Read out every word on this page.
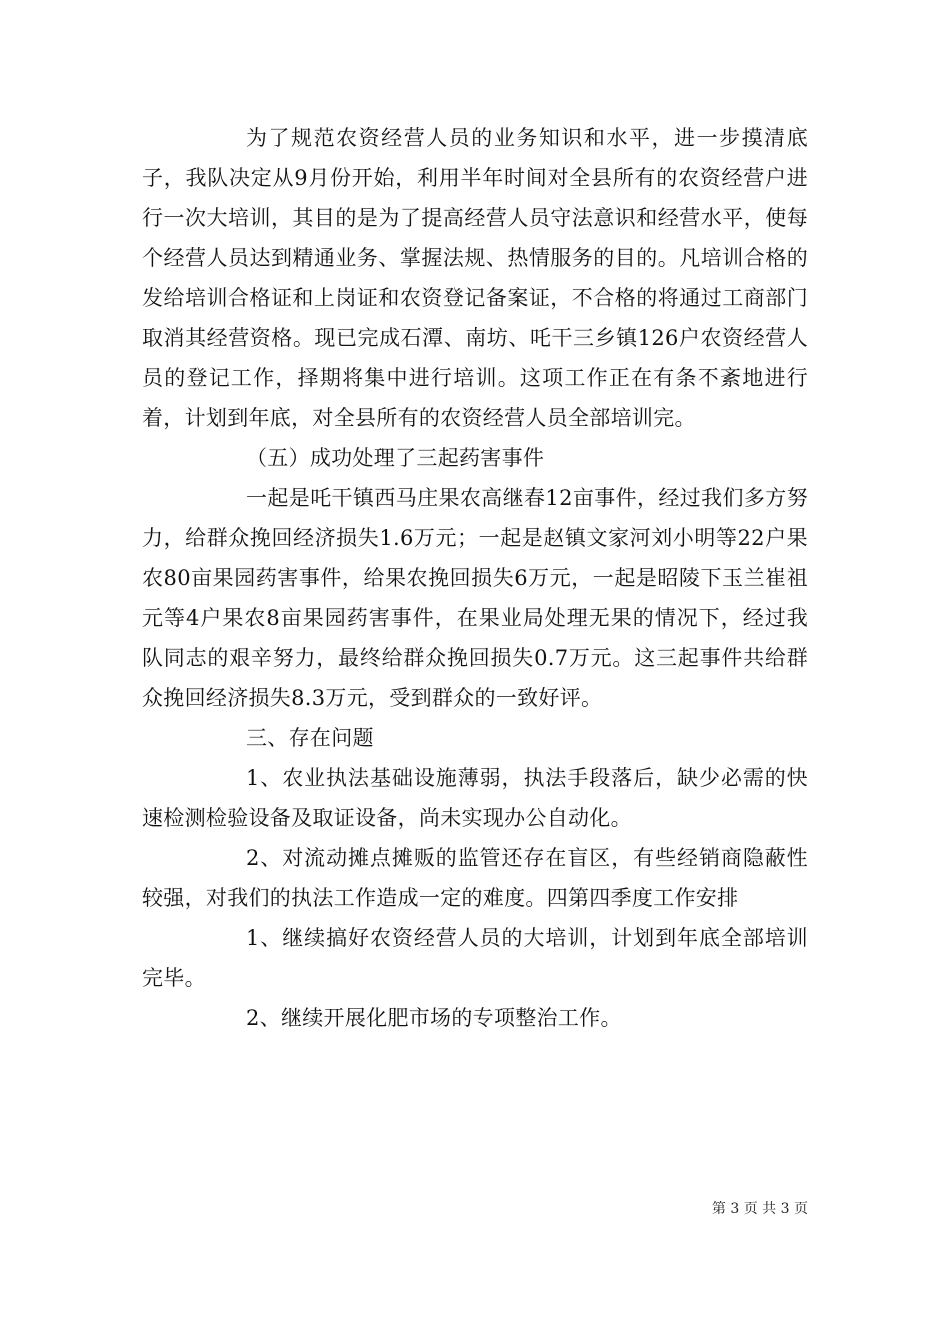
为了规范农资经营人员的业务知识和水平，进一步摸清底子，我队决定从9月份开始，利用半年时间对全县所有的农资经营户进行一次大培训，其目的是为了提高经营人员守法意识和经营水平，使每个经营人员达到精通业务、掌握法规、热情服务的目的。凡培训合格的发给培训合格证和上岗证和农资登记备案证，不合格的将通过工商部门取消其经营资格。现已完成石潭、南坊、吒干三乡镇126户农资经营人员的登记工作，择期将集中进行培训。这项工作正在有条不紊地进行着，计划到年底，对全县所有的农资经营人员全部培训完。

（五）成功处理了三起药害事件

一起是吒干镇西马庄果农高继春12亩事件，经过我们多方努力，给群众挽回经济损失1.6万元；一起是赵镇文家河刘小明等22户果农80亩果园药害事件，给果农挽回损失6万元，一起是昭陵下玉兰崔祖元等4户果农8亩果园药害事件，在果业局处理无果的情况下，经过我队同志的艰辛努力，最终给群众挽回损失0.7万元。这三起事件共给群众挽回经济损失8.3万元，受到群众的一致好评。

三、存在问题

1、农业执法基础设施薄弱，执法手段落后，缺少必需的快速检测检验设备及取证设备，尚未实现办公自动化。

2、对流动摊点摊贩的监管还存在盲区，有些经销商隐蔽性较强，对我们的执法工作造成一定的难度。四第四季度工作安排

1、继续搞好农资经营人员的大培训，计划到年底全部培训完毕。

2、继续开展化肥市场的专项整治工作。

第 3 页 共 3 页
